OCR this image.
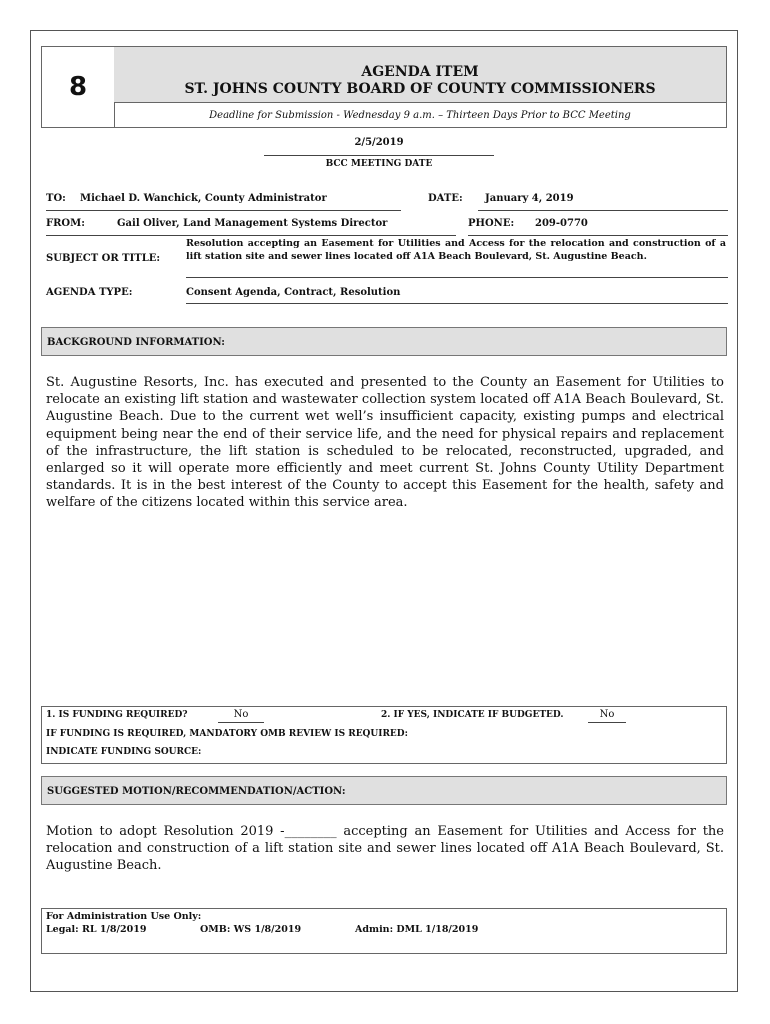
8	AGENDA ITEM
ST. JOHNS COUNTY BOARD OF COUNTY COMMISSIONERS
Deadline for Submission - Wednesday 9 a.m. – Thirteen Days Prior to BCC Meeting
2/5/2019
BCC MEETING DATE
TO: Michael D. Wanchick, County Administrator	DATE: January 4, 2019
FROM:	Gail Oliver, Land Management Systems Director	PHONE: 209-0770
SUBJECT OR TITLE:
Resolution accepting an Easement for Utilities and Access for the relocation and construction of a lift station site and sewer lines located off A1A Beach Boulevard, St. Augustine Beach.
AGENDA TYPE:	Consent Agenda, Contract, Resolution
BACKGROUND INFORMATION:
St. Augustine Resorts, Inc. has executed and presented to the County an Easement for Utilities to relocate an existing lift station and wastewater collection system located off A1A Beach Boulevard, St. Augustine Beach. Due to the current wet well’s insufficient capacity, existing pumps and electrical equipment being near the end of their service life, and the need for physical repairs and replacement of the infrastructure, the lift station is scheduled to be relocated, reconstructed, upgraded, and enlarged so it will operate more efficiently and meet current St. Johns County Utility Department standards. It is in the best interest of the County to accept this Easement for the health, safety and welfare of the citizens located within this service area.
1. IS FUNDING REQUIRED?	No	2. IF YES, INDICATE IF BUDGETED.	No
IF FUNDING IS REQUIRED, MANDATORY OMB REVIEW IS REQUIRED:
INDICATE FUNDING SOURCE:
SUGGESTED MOTION/RECOMMENDATION/ACTION:
Motion to adopt Resolution 2019 -________ accepting an Easement for Utilities and Access for the relocation and construction of a lift station site and sewer lines located off A1A Beach Boulevard, St. Augustine Beach.
For Administration Use Only:
Legal: RL 1/8/2019	OMB: WS 1/8/2019	Admin: DML 1/18/2019
